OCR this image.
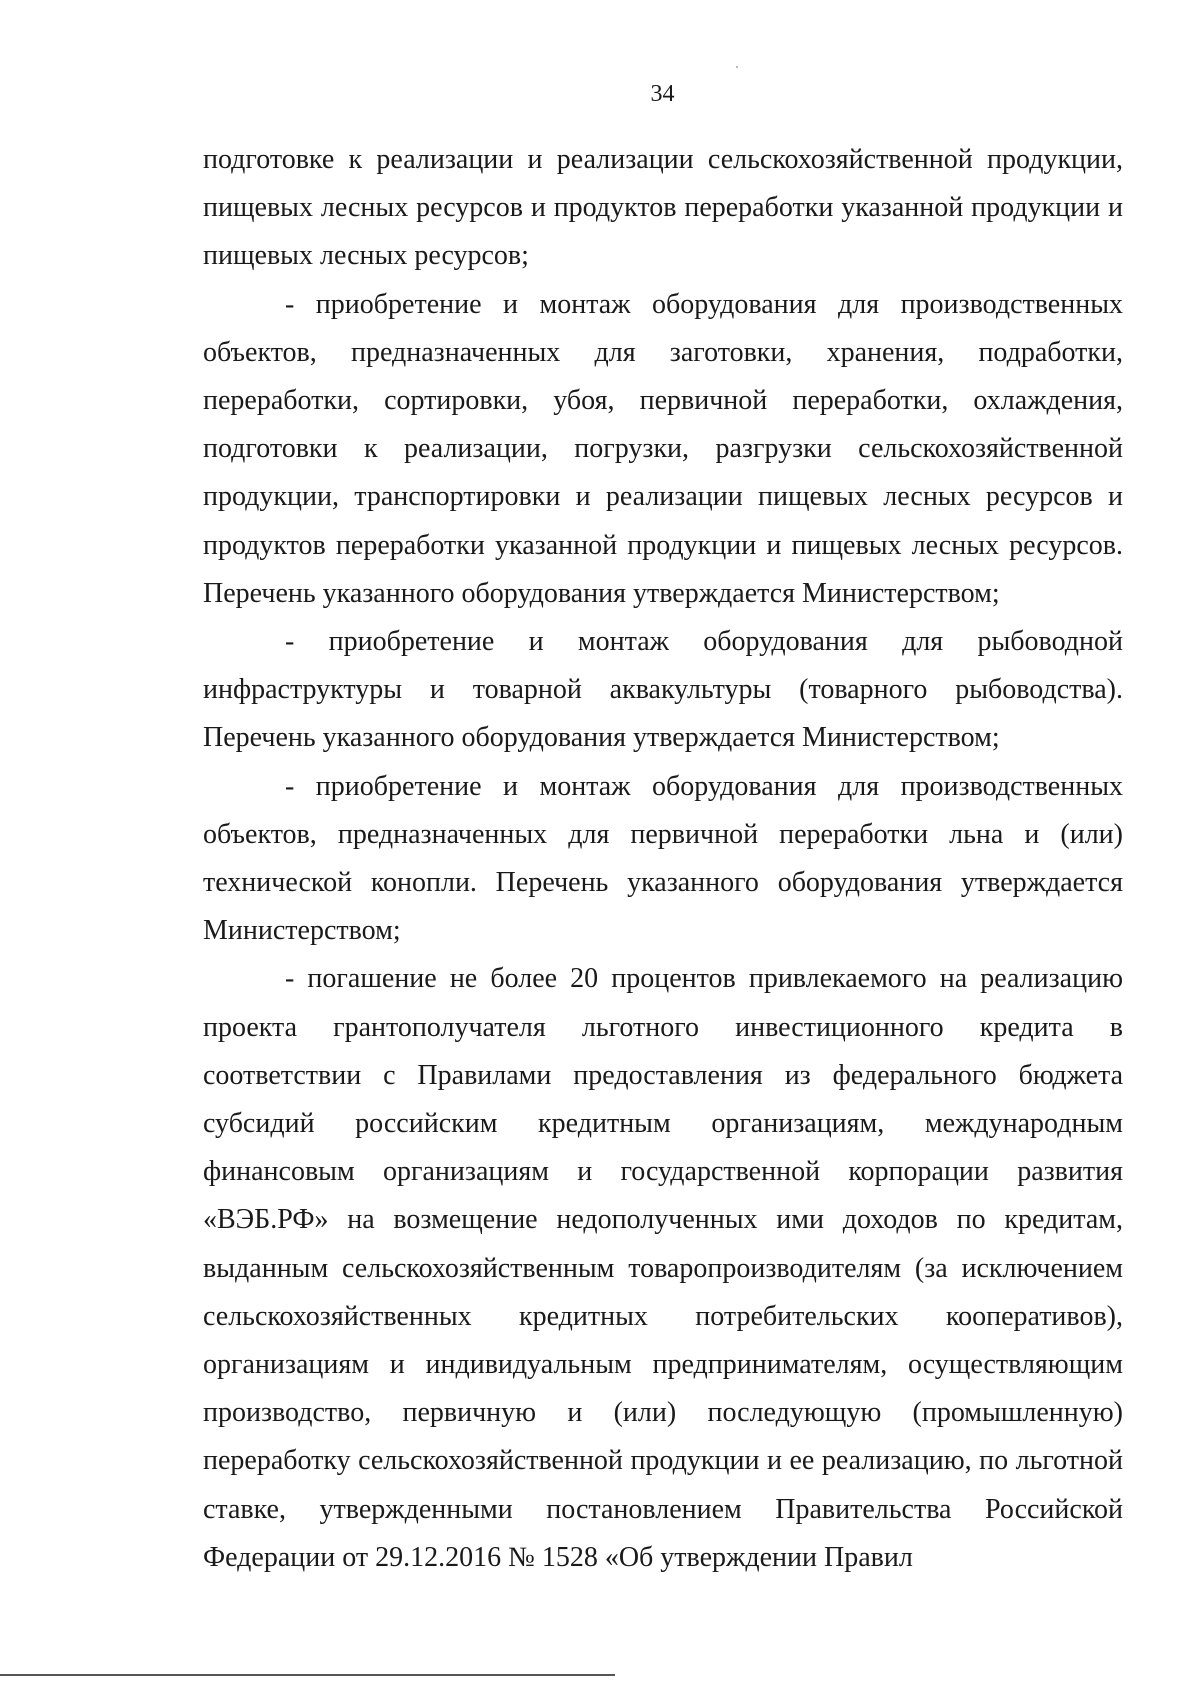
34

подготовке к реализации и реализации сельскохозяйственной продукции, пищевых лесных ресурсов и продуктов переработки указанной продукции и пищевых лесных ресурсов;

- приобретение и монтаж оборудования для производственных объектов, предназначенных для заготовки, хранения, подработки, переработки, сортировки, убоя, первичной переработки, охлаждения, подготовки к реализации, погрузки, разгрузки сельскохозяйственной продукции, транспортировки и реализации пищевых лесных ресурсов и продуктов переработки указанной продукции и пищевых лесных ресурсов. Перечень указанного оборудования утверждается Министерством;

- приобретение и монтаж оборудования для рыбоводной инфраструктуры и товарной аквакультуры (товарного рыбоводства). Перечень указанного оборудования утверждается Министерством;

- приобретение и монтаж оборудования для производственных объектов, предназначенных для первичной переработки льна и (или) технической конопли. Перечень указанного оборудования утверждается Министерством;

- погашение не более 20 процентов привлекаемого на реализацию проекта грантополучателя льготного инвестиционного кредита в соответствии с Правилами предоставления из федерального бюджета субсидий российским кредитным организациям, международным финансовым организациям и государственной корпорации развития «ВЭБ.РФ» на возмещение недополученных ими доходов по кредитам, выданным сельскохозяйственным товаропроизводителям (за исключением сельскохозяйственных кредитных потребительских кооперативов), организациям и индивидуальным предпринимателям, осуществляющим производство, первичную и (или) последующую (промышленную) переработку сельскохозяйственной продукции и ее реализацию, по льготной ставке, утвержденными постановлением Правительства Российской Федерации от 29.12.2016 № 1528 «Об утверждении Правил
